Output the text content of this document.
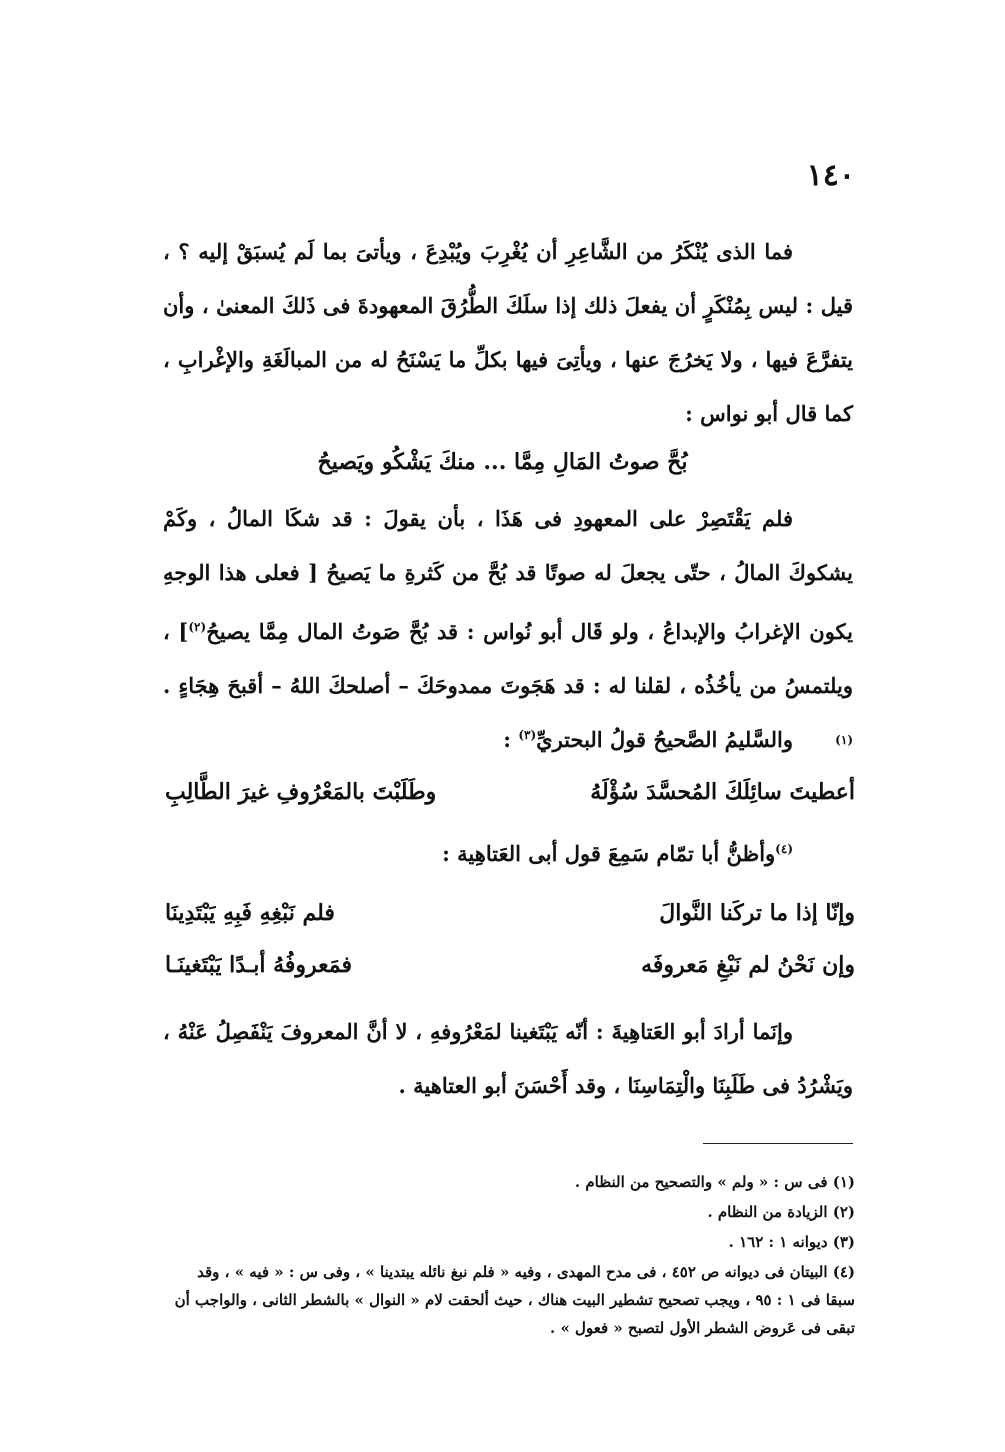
١٤٠

فما الذى يُنْكَرُ من الشَّاعِرِ أن يُغْرِبَ ويُبْدِعَ ، ويأتىَ بما لَم يُسبَقْ إليه ؟ ، قيل : ليس بِمُنْكَرٍ أن يفعلَ ذلك إذا سلَكَ الطُّرُقَ المعهودةَ فى ذَلكَ المعنىٰ ، وأن يتفرَّعَ فيها ، ولا يَخرُجَ عنها ، ويأتِىَ فيها بكلِّ ما يَسْنَحُ له من المبالَغَةِ والإغْرابِ ، كما قال أبو نواس :

بُحَّ صوتُ المَالِ مِمَّا ... منكَ يَشْكُو ويَصيحُ

فلم يَقْتَصِرْ على المعهودِ فى هَذَا ، بأن يقولَ : قد شكَا المالُ ، وكَمْ يشكوكَ المالُ ، حتّى يجعلَ له صوتًا قد بُحَّ من كَثرةِ ما يَصيحُ [ فعلى هذا الوجهِ يكون الإغرابُ والإبداعُ ، ولو قَال أبو نُواس : قد بُحَّ صَوتُ المال مِمَّا يصيحُ$^{(٢)}$] ، ويلتمسُ من يأخُذُه ، لقلنا له : قد هَجَوتَ ممدوحَكَ – أصلحكَ اللهُ – أقبحَ هِجَاءٍ . $^{(١)}$

والسَّليمُ الصَّحيحُ قولُ البحتريِّ$^{(٣)}$ :

أعطيتَ سائِلَكَ المُحسَّدَ سُؤْلَهُ
وطَلَبْتَ بالمَعْرُوفِ غيرَ الطَّالِبِ

$^{(٤)}$وأظنُّ أبا تمّام سَمِعَ قول أبى العَتاهِية :

وإنّا إذا ما تركَنا النَّوالَ
فلم نَبْغِهِ فَبِهِ يَبْتَدِينَا
وإن نَحْنُ لم نَبْغِ مَعروفَه
فمَعروفُهُ أبـدًا يَبْتَغينَـا

وإنَما أرادَ أبو العَتاهِيةَ : أنّه يَبْتَغينا لمَعْرُوفهِ ، لا أنَّ المعروفَ يَنْفَصِلُ عَنْهُ ، ويَشْرُدُ فى طَلَبِنَا والْتِمَاسِنَا ، وقد أَحْسَنَ أبو العتاهية .

(١) فى س : « ولم » والتصحيح من النظام .
(٢) الزيادة من النظام .
(٣) ديوانه ١ : ١٦٢ .
(٤) البيتان فى ديوانه ص ٤٥٢ ، فى مدح المهدى ، وفيه « فلم نبغ نائله يبتدينا » ، وفى س : « فيه » ، وقد سبقا فى ١ : ٩٥ ، ويجب تصحيح تشطير البيت هناك ، حيث ألحقت لام « النوال » بالشطر الثانى ، والواجب أن تبقى فى عَروض الشطر الأول لتصبح « فعول » .
